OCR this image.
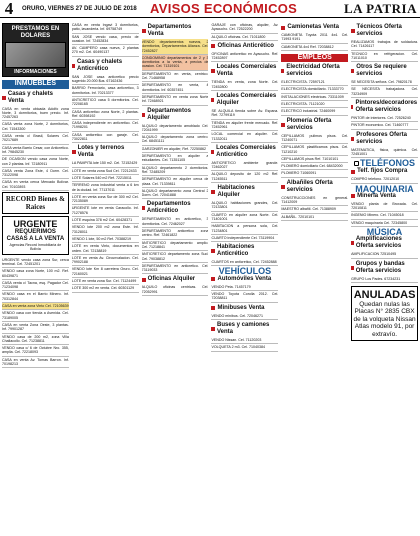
4	ORURO, VIERNES 27 DE JULIO DE 2018	AVISOS ECONÓMICOS	LA PATRIA
PRESTAMOS EN DOLARES
INFORMACIONES
INMUEBLES
Casas y chalets Venta
CASA en venta ubicada Adolfo zona Norte, 3 dormitorios, buen precio. Inf. 72457263
CASA venta zona Norte, 2 dormitorios, Cel. 71543300
CASA venta c/ Brasil, Solares Cel. 70217689
CASA venta Barrio Cesar, con Anticretico. Inf. 79845230
DE OCASION vendo casa zona Norte, con 2 plantas. Inf. 72180911
CASA venta Zona Este, 4 Dorm. Cel. 73122098
CASA en venta cerca Mercado Bolivar. Cel. 70102893
RECORD Bienes & Raices
URGENTE
REQUERIMOS CASAS A LA VENTA
Agencias Record Inmobiliaria de Bolivia
URGENTE vendo casa zona Sur, cerca terminal. Cel. 72451201
VENDO casa zona Norte, 100 m2. Ref. 60439871
CASA venta c/ Tacna, esq. Pagador Cel. 71234098
VENDO casa en el Barrio Minero. Inf. 70312844
CASA en venta zona Vinto Cel. 72105639
VENDO casa con tienda a Avenida. Cel. 73189005
CASA en venta Zona Oeste, 3 plantas. Inf. 79901287
VENDO casa de 200 m2, zona Villa Challacollo. Cel. 71238811
VENDO casa c/ 6 de Octubre Nro. 355, amplia. Cel. 72218093
CASA en venta Av. Tomas Barron. Inf. 70198213
CASA en venta Ingavi 3 dormitorios, patio, lavanderia. Inf. 69758749
SAN JOSE vendo casa, precio de ocasion. Inf. 72452834
AV. CAMPERO casa nueva, 2 plantas 270 m2. Cel. 60490137
Casas y chalets Anticrético
SAN JOSE casa anticretico precio sugerido 20.000 $us. 67162436
BARRIO Ferroviario, casa anticretico, 3 dormitorios. Inf. 70213377
ANTICRETICO casa 5 dormitorios. Cel. 72208165
CASA anticretico zona Norte, 2 plantas. Ref. 60398192
CASA independiente en anticretico. Cel. 71998201
CASA anticretico con garaje. Cel. 73022811
Lotes y terrenos Venta
LA PAMPITA lote 150 m2. Cel. 72152429
LOTE en venta zona Sud Cel. 72212433
LOTE Solares 540 m2 Ref. 72215011
TERRENO zona industrial venta a 6 km de la ciudad. Inf. 77137011
LOTE en venta zona Sur de 300 m2 Cel. 72135089
URGENTE lote en venta Caracollo. Inf. 71278576
LOTE esquina 378 m2 Cel. 60428371
VENDO lote 200 m2 zona Este. Inf. 73128011
VENDO 1 lote, 50 m2 Ref. 70388219
LOTE en venta Vinto, documentos en orden. Cel. 72138819
LOTE en venta Av. Circunvalacion. Cel. 79902188
VENDO lote Km 8 carretera Oruro. Cel. 72160021
LOTE en venta zona Sur. Cel. 71124499
LOTE 300 m2 en venta. Cel. 60301129
Departamentos Venta
VENDO departamentos nuevos, 2 dormitorios, Departamentos Alianza. Cel. 72452827
CONDOMINIO departamentos de 2 y 3 dormitorios a la venta, a precios de ocasion. Cel. 71319101
DEPARTAMENTO en venta, centrico. Cel. 71468958
DEPARTAMENTO en venta, 4 dormitorios. Inf. 60357451
DEPARTAMENTO en venta zona Norte Inf. 72468921
Departamentos Alquiler
ALQUILO departamento amoblado Cel. 72041999
ALQUILO departamento zona centro. Cel. 68451111
GARZONIER en alquiler, Ref. 72250862
DEPARTAMENTO en alquiler a estudiantes. Cel. 71351105
ALQUILO departamento 2 dormitorios. Ref. 72485209
DEPARTAMENTO en alquiler cerca de plaza. Cel. 71339811
ALQUILO departamento zona Central 2 Dorm. Cel. 72041888
Departamentos Anticrético
DEPARTAMENTO en anticretico, 3 dormitorios. Cel. 72462027
DEPARTAMENTO anticretico zona centro. Ref. 72461822
ANTICRETICO departamento amplio. Cel. 71218841
ANTICRETICO departamento zona Sud. Cel. 79038812
DEPARTAMENTO en anticretico. Cel. 73119033
Oficinas Alquiler
ALQUILO oficinas centricas. Cel. 72052991
GARAJE con oficinas, alquiler, Av. Ayacucho. Cel. 72522200
ALQUILO oficinas. Cel. 71011800
Oficinas Anticrético
OFICINAS anticretico en Ayacucho. Ref. 72452897
Locales Comerciales Venta
TIENDA en venta, zona Norte. Cel. 72452800
Locales Comerciales Alquiler
SE ALQUILA tienda sobre Av. Espana. Ref. 72799119
TIENDA en alquiler frente mercado. Ref. 72452961
LOCAL comercial en alquiler. Cel. 71332011
Locales Comerciales Anticrético
ANTICRETICO ambiente grande. 72462027
ALQUILO deposito de 120 m2 Ref. 71245511
Habitaciones Alquiler
ALQUILO habitaciones grandes, Cel. 72133801
CUARTO en alquiler zona Norte. Cel. 71401001
HABITACION a persona sola, Cel. 71234801
CUARTO independiente Cel. 73119904
Habitaciones Anticrético
CUARTOS en anticretico, Cel. 72452888
VEHÍCULOS
Automóviles Venta
VENDO Peta. 71457179
VENDO Toyota Corolla 2012. Cel. 72038811
Minibuses Venta
VENDO minibus. Cel. 72046271
Buses y camiones Venta
VENDO Nissan. Cel. 71120203
VOLQUETA 2 m3. Cel. 71040384
Camionetas Venta
CAMIONETA Toyota 2011 4x4. Cel. 71993 9191
CAMIONETA 4x4 Ref. 72038812
EMPLEOS
Electricidad Oferta servicios
ELECTRICISTA. 72597121
ELECTRICISTA domiciliario. 71333770
INSTALACIONES electricas. 73311009
ELECTRICISTA. 71121020
ELECTRICO industrial. 72460099
Plomería Oferta servicios
CEPILLAMOS pulimos pisos. Cel. 71240071
CEPILLAMOS plastificamos pisos. Cel. 71210210
CEPILLAMOS pisos Ref. 71010101
PLOMERO domiciliario Cel. 68432000
PLOMERO 71060091
Albañiles Oferta servicios
CONSTRUCCIONES en general. 71412009
MAESTRO albañil. Cel. 71388909
ALBAÑIL. 72010101
Técnicos Oferta servicios
REALIZAMOS trabajos de soldadura. Cel. 71426117
TECNICO en refrigeracion. Cel. 71011010
Otros Se requiere servicios
SE NECESITA señora. Cel. 79820178
SE NECESITA trabajadora. Cel. 73234909
Pintores/decoradores Oferta servicios
PINTOR de interiores. Cel. 72526240
PINTOR economico. Cel. 71460777
Profesores Oferta servicios
MATEMATICA, fisica, quimica. Cel. 72451001
TELÉFONOS
Telf. fijos Compra
COMPRO telefono. 72012010
MAQUINARIA
Minería Venta
VENDO planta de Broxada. Cel. 72010811
INGENIO Minero. Cel. 71045018
VENDO maquinaria Cel. 72345800
MÚSICA
Amplificaciones Oferta servicios
AMPLIFICACION 72510495
Grupos y bandas Oferta servicios
GRUPO Los Pades. 67234231
ANULADAS
Quedan nulas las Placas N° 2835 CBX de la volqueta Nissan Atlas modelo 91, por extravío.
